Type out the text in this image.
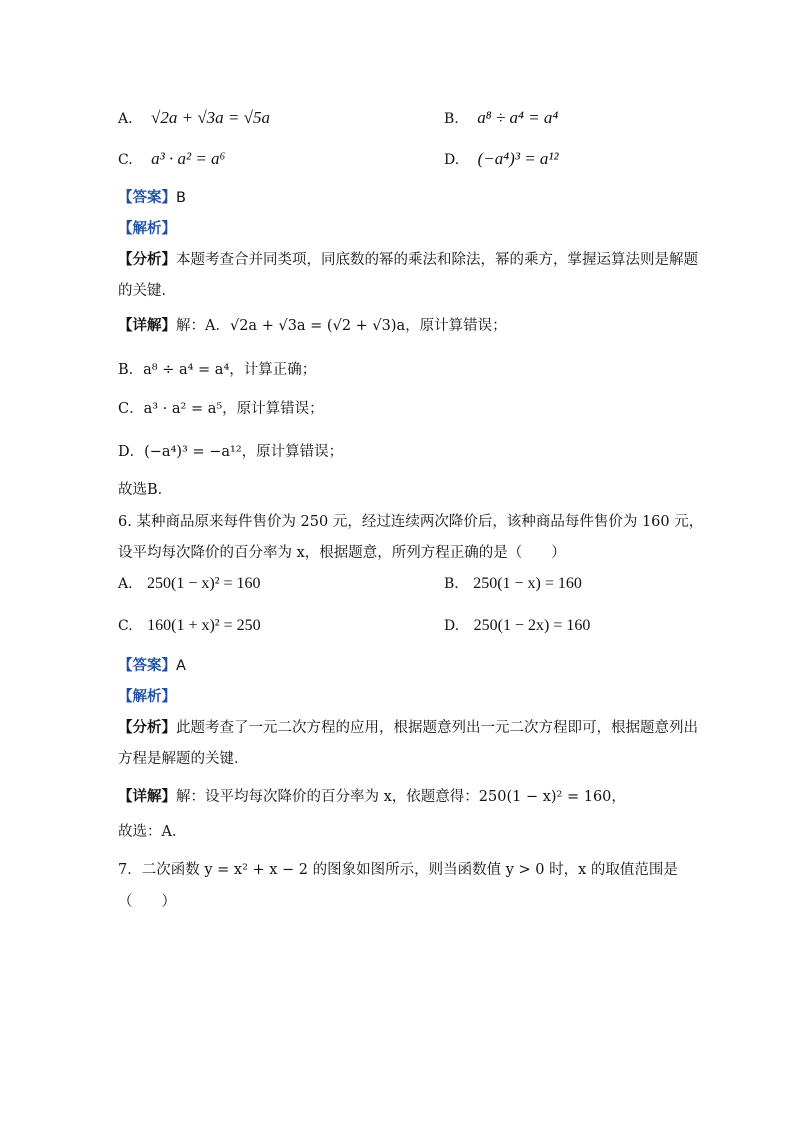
A. √2a + √3a = √5a	B. a⁸ ÷ a⁴ = a⁴
C. a³ · a² = a⁶	D. (−a⁴)³ = a¹²
【答案】B
【解析】
【分析】本题考查合并同类项，同底数的幂的乘法和除法，幂的乘方，掌握运算法则是解题
的关键．
【详解】解：A．√2a + √3a = (√2 + √3)a，原计算错误；
B．a⁸ ÷ a⁴ = a⁴，计算正确；
C．a³ · a² = a⁵，原计算错误；
D．(−a⁴)³ = −a¹²，原计算错误；
故选B．
6. 某种商品原来每件售价为 250 元，经过连续两次降价后，该种商品每件售价为 160 元，
设平均每次降价的百分率为 x，根据题意，所列方程正确的是（　　）
A. 250(1 − x)² = 160	B. 250(1 − x) = 160
C. 160(1 + x)² = 250	D. 250(1 − 2x) = 160
【答案】A
【解析】
【分析】此题考查了一元二次方程的应用，根据题意列出一元二次方程即可，根据题意列出
方程是解题的关键．
【详解】解：设平均每次降价的百分率为 x，依题意得：250(1 − x)² = 160，
故选：A．
7．二次函数 y = x² + x − 2 的图象如图所示，则当函数值 y > 0 时，x 的取值范围是
（　　）
